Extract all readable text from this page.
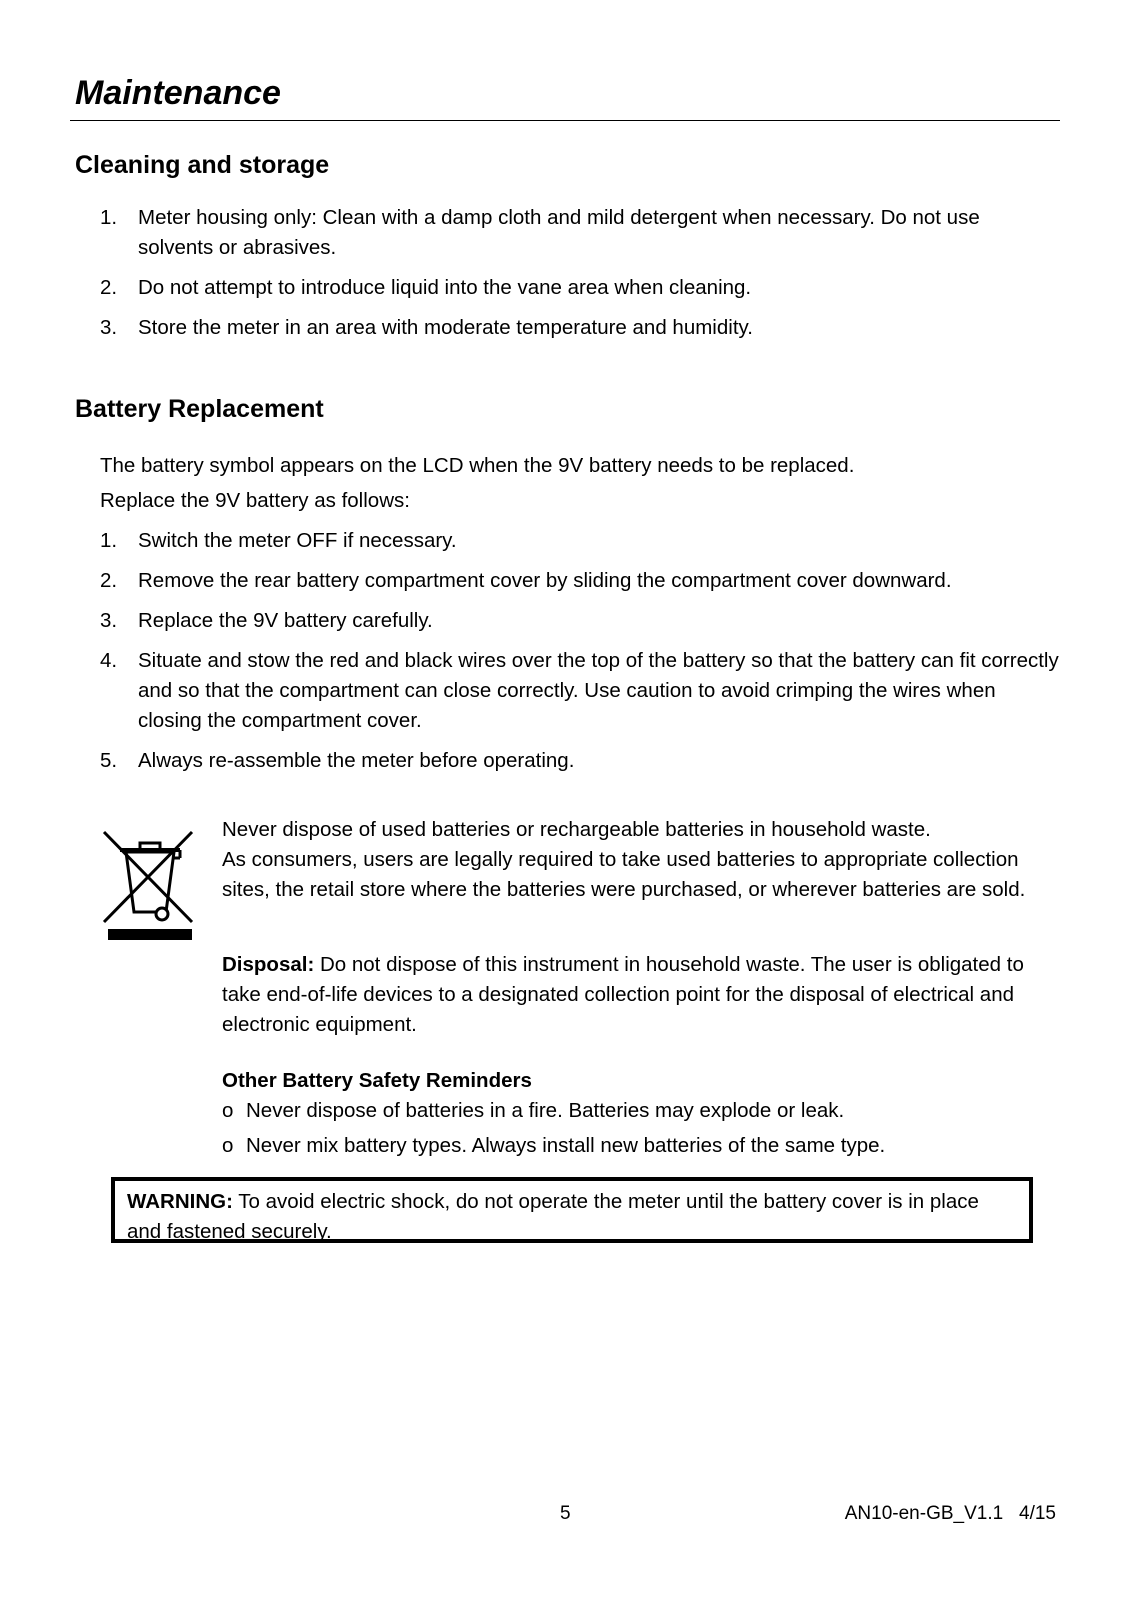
Maintenance
Cleaning and storage
1. Meter housing only: Clean with a damp cloth and mild detergent when necessary. Do not use solvents or abrasives.
2. Do not attempt to introduce liquid into the vane area when cleaning.
3. Store the meter in an area with moderate temperature and humidity.
Battery Replacement

The battery symbol appears on the LCD when the 9V battery needs to be replaced.

Replace the 9V battery as follows:

1. Switch the meter OFF if necessary.
2. Remove the rear battery compartment cover by sliding the compartment cover downward.
3. Replace the 9V battery carefully.
4. Situate and stow the red and black wires over the top of the battery so that the battery can fit correctly and so that the compartment can close correctly. Use caution to avoid crimping the wires when closing the compartment cover.
5. Always re-assemble the meter before operating.
Never dispose of used batteries or rechargeable batteries in household waste.
As consumers, users are legally required to take used batteries to appropriate collection sites, the retail store where the batteries were purchased, or wherever batteries are sold.

Disposal: Do not dispose of this instrument in household waste. The user is obligated to take end-of-life devices to a designated collection point for the disposal of electrical and electronic equipment.

Other Battery Safety Reminders

o Never dispose of batteries in a fire. Batteries may explode or leak.
o Never mix battery types. Always install new batteries of the same type.
WARNING: To avoid electric shock, do not operate the meter until the battery cover is in place and fastened securely.
5	AN10-en-GB_V1.1   4/15
